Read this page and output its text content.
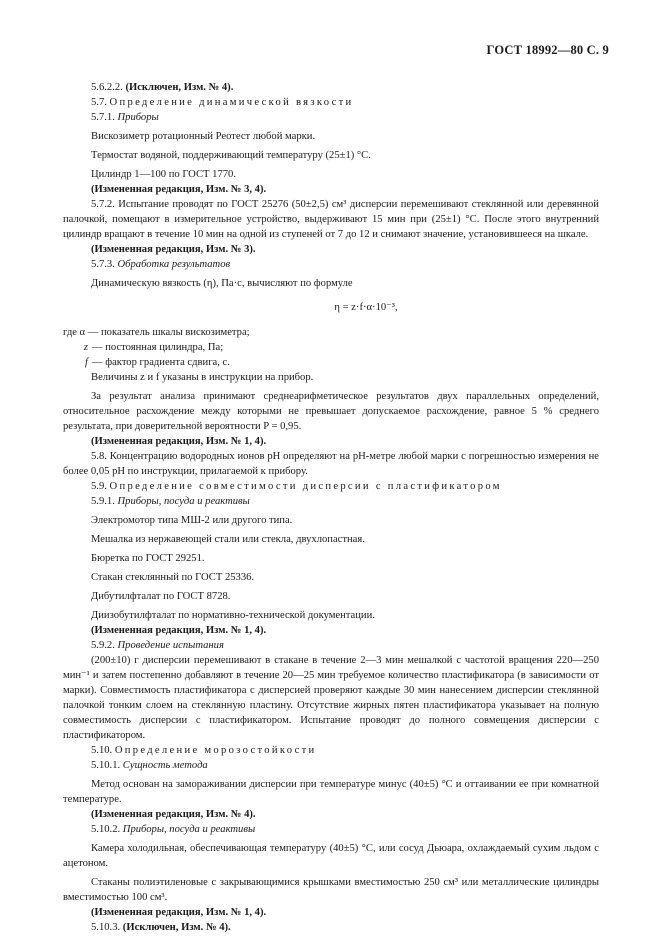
ГОСТ 18992—80 С. 9

5.6.2.2. (Исключен, Изм. № 4).

5.7. Определение динамической вязкости

5.7.1. Приборы

Вискозиметр ротационный Реотест любой марки.

Термостат водяной, поддерживающий температуру (25±1) °С.

Цилиндр 1—100 по ГОСТ 1770.

(Измененная редакция, Изм. № 3, 4).

5.7.2. Испытание проводят по ГОСТ 25276 (50±2,5) см³ дисперсии перемешивают стеклянной или деревянной палочкой, помещают в измерительное устройство, выдерживают 15 мин при (25±1) °С. После этого внутренний цилиндр вращают в течение 10 мин на одной из ступеней от 7 до 12 и снимают значение, установившееся на шкале.

(Измененная редакция, Изм. № 3).

5.7.3. Обработка результатов

Динамическую вязкость (η), Па·с, вычисляют по формуле

η = z·f·α·10⁻³,
где α
— показатель шкалы вискозиметра;
z — постоянная цилиндра, Па;
f — фактор градиента сдвига, с.

Величины z и f указаны в инструкции на прибор.

За результат анализа принимают среднеарифметическое результатов двух параллельных определений, относительное расхождение между которыми не превышает допускаемое расхождение, равное 5 % среднего результата, при доверительной вероятности P = 0,95.

(Измененная редакция, Изм. № 1, 4).

5.8. Концентрацию водородных ионов pH определяют на pH-метре любой марки с погрешностью измерения не более 0,05 pH по инструкции, прилагаемой к прибору.

5.9. Определение совместимости дисперсии с пластификатором

5.9.1. Приборы, посуда и реактивы

Электромотор типа МШ-2 или другого типа.

Мешалка из нержавеющей стали или стекла, двухлопастная.

Бюретка по ГОСТ 29251.

Стакан стеклянный по ГОСТ 25336.

Дибутилфталат по ГОСТ 8728.

Диизобутилфталат по нормативно-технической документации.

(Измененная редакция, Изм. № 1, 4).

5.9.2. Проведение испытания

(200±10) г дисперсии перемешивают в стакане в течение 2—3 мин мешалкой с частотой вращения 220—250 мин⁻¹ и затем постепенно добавляют в течение 20—25 мин требуемое количество пластификатора (в зависимости от марки). Совместимость пластификатора с дисперсией проверяют каждые 30 мин нанесением дисперсии стеклянной палочкой тонким слоем на стеклянную пластину. Отсутствие жирных пятен пластификатора указывает на полную совместимость дисперсии с пластификатором. Испытание проводят до полного совмещения дисперсии с пластификатором.

5.10. Определение морозостойкости

5.10.1. Сущность метода

Метод основан на замораживании дисперсии при температуре минус (40±5) °С и оттаивании ее при комнатной температуре.

(Измененная редакция, Изм. № 4).

5.10.2. Приборы, посуда и реактивы

Камера холодильная, обеспечивающая температуру (40±5) °С, или сосуд Дьюара, охлаждаемый сухим льдом с ацетоном.

Стаканы полиэтиленовые с закрывающимися крышками вместимостью 250 см³ или металлические цилиндры вместимостью 100 см³.

(Измененная редакция, Изм. № 1, 4).

5.10.3. (Исключен, Изм. № 4).
